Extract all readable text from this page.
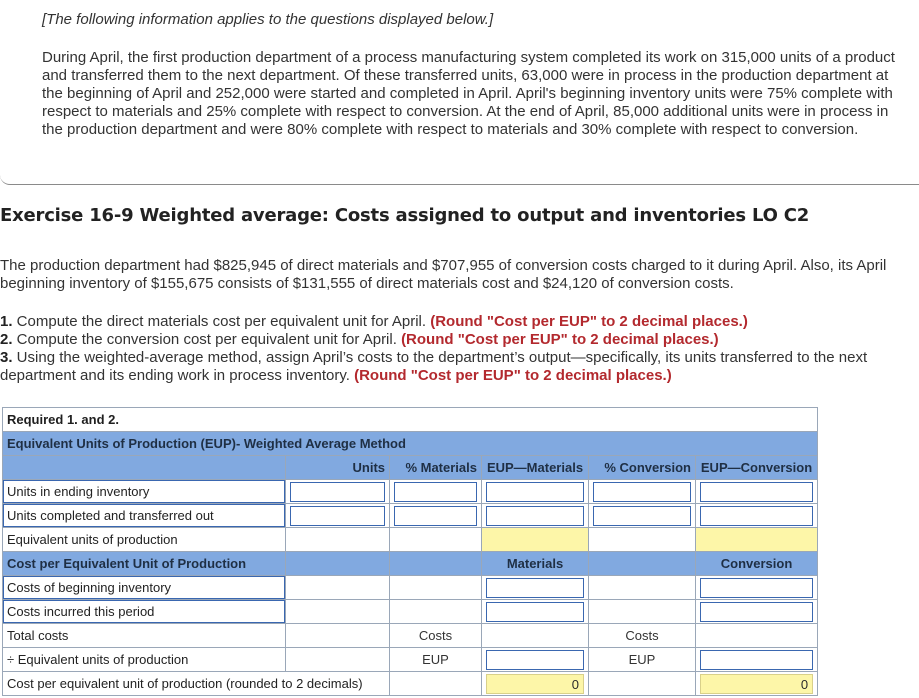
[The following information applies to the questions displayed below.]

During April, the first production department of a process manufacturing system completed its work on 315,000 units of a product and transferred them to the next department. Of these transferred units, 63,000 were in process in the production department at the beginning of April and 252,000 were started and completed in April. April's beginning inventory units were 75% complete with respect to materials and 25% complete with respect to conversion. At the end of April, 85,000 additional units were in process in the production department and were 80% complete with respect to materials and 30% complete with respect to conversion.

Exercise 16-9 Weighted average: Costs assigned to output and inventories LO C2

The production department had $825,945 of direct materials and $707,955 of conversion costs charged to it during April. Also, its April beginning inventory of $155,675 consists of $131,555 of direct materials cost and $24,120 of conversion costs.

1. Compute the direct materials cost per equivalent unit for April. (Round "Cost per EUP" to 2 decimal places.)
2. Compute the conversion cost per equivalent unit for April. (Round "Cost per EUP" to 2 decimal places.)
3. Using the weighted-average method, assign April’s costs to the department’s output—specifically, its units transferred to the next department and its ending work in process inventory. (Round "Cost per EUP" to 2 decimal places.)
Required 1. and 2.					
Equivalent Units of Production (EUP)- Weighted Average Method					
	Units	% Materials	EUP—Materials	% Conversion	EUP—Conversion
Units in ending inventory					
Units completed and transferred out					
Equivalent units of production					
Cost per Equivalent Unit of Production			Materials		Conversion
Costs of beginning inventory					
Costs incurred this period					
Total costs		Costs		Costs	
÷ Equivalent units of production		EUP		EUP	
Cost per equivalent unit of production (rounded to 2 decimals)			0		0
